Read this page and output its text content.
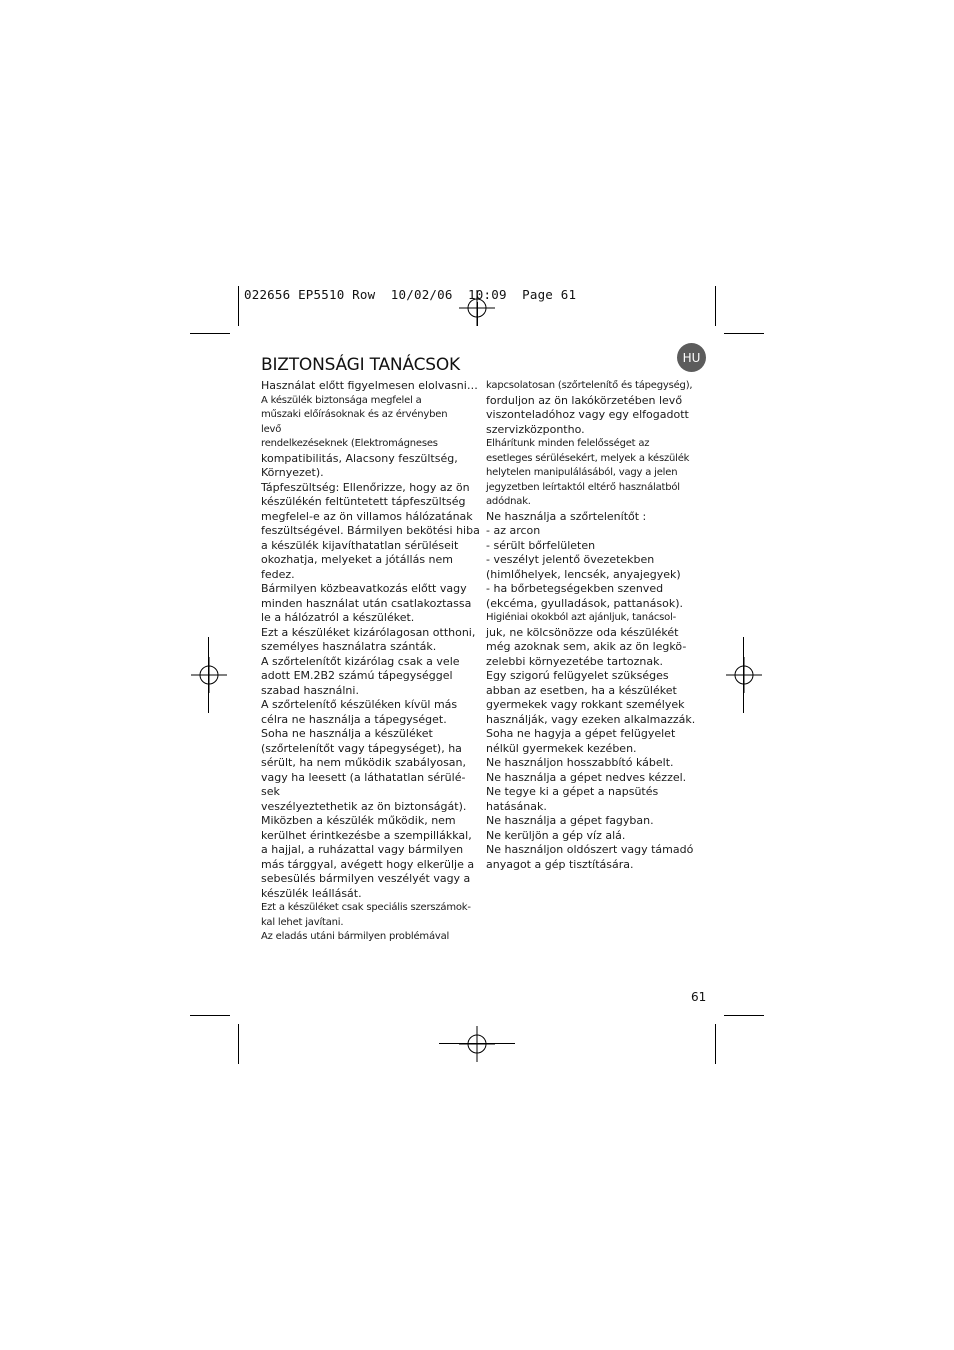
022656 EP5510 Row  10/02/06  10:09  Page 61
BIZTONSÁGI TANÁCSOK	HU
Használat előtt figyelmesen elolvasni…
A készülék biztonsága megfelel a
műszaki előírásoknak és az érvényben
levő
rendelkezéseknek (Elektromágneses
kompatibilitás, Alacsony feszültség,
Környezet).
Tápfeszültség: Ellenőrizze, hogy az ön
készülékén feltüntetett tápfeszültség
megfelel-e az ön villamos hálózatának
feszültségével. Bármilyen bekötési hiba
a készülék kijavíthatatlan sérüléseit
okozhatja, melyeket a jótállás nem
fedez.
Bármilyen közbeavatkozás előtt vagy
minden használat után csatlakoztassa
le a hálózatról a készüléket.
Ezt a készüléket kizárólagosan otthoni,
személyes használatra szánták.
A szőrtelenítőt kizárólag csak a vele
adott EM.2B2 számú tápegységgel
szabad használni.
A szőrtelenítő készüléken kívül más
célra ne használja a tápegységet.
Soha ne használja a készüléket
(szőrtelenítőt vagy tápegységet), ha
sérült, ha nem működik szabályosan,
vagy ha leesett (a láthatatlan sérülé-
sek
veszélyeztethetik az ön biztonságát).
Miközben a készülék működik, nem
kerülhet érintkezésbe a szempillákkal,
a hajjal, a ruházattal vagy bármilyen
más tárggyal, avégett hogy elkerülje a
sebesülés bármilyen veszélyét vagy a
készülék leállását.
Ezt a készüléket csak speciális szerszámok-
kal lehet javítani.
Az eladás utáni bármilyen problémával
kapcsolatosan (szőrtelenítő és tápegység),
forduljon az ön lakókörzetében levő
viszonteladóhoz vagy egy elfogadott
szervizközpontho.
Elhárítunk minden felelősséget az
esetleges sérülésekért, melyek a készülék
helytelen manipulálásából, vagy a jelen
jegyzetben leírtaktól eltérő használatból
adódnak.
Ne használja a szőrtelenítőt :
- az arcon
- sérült bőrfelületen
- veszélyt jelentő övezetekben
(himlőhelyek, lencsék, anyajegyek)
- ha bőrbetegségekben szenved
(ekcéma, gyulladások, pattanások).
Higiéniai okokból azt ajánljuk, tanácsol-
juk, ne kölcsönözze oda készülékét
még azoknak sem, akik az ön legkö-
zelebbi környezetébe tartoznak.
Egy szigorú felügyelet szükséges
abban az esetben, ha a készüléket
gyermekek vagy rokkant személyek
használják, vagy ezeken alkalmazzák.
Soha ne hagyja a gépet felügyelet
nélkül gyermekek kezében.
Ne használjon hosszabbító kábelt.
Ne használja a gépet nedves kézzel.
Ne tegye ki a gépet a napsütés
hatásának.
Ne használja a gépet fagyban.
Ne kerüljön a gép víz alá.
Ne használjon oldószert vagy támadó
anyagot a gép tisztítására.
61
